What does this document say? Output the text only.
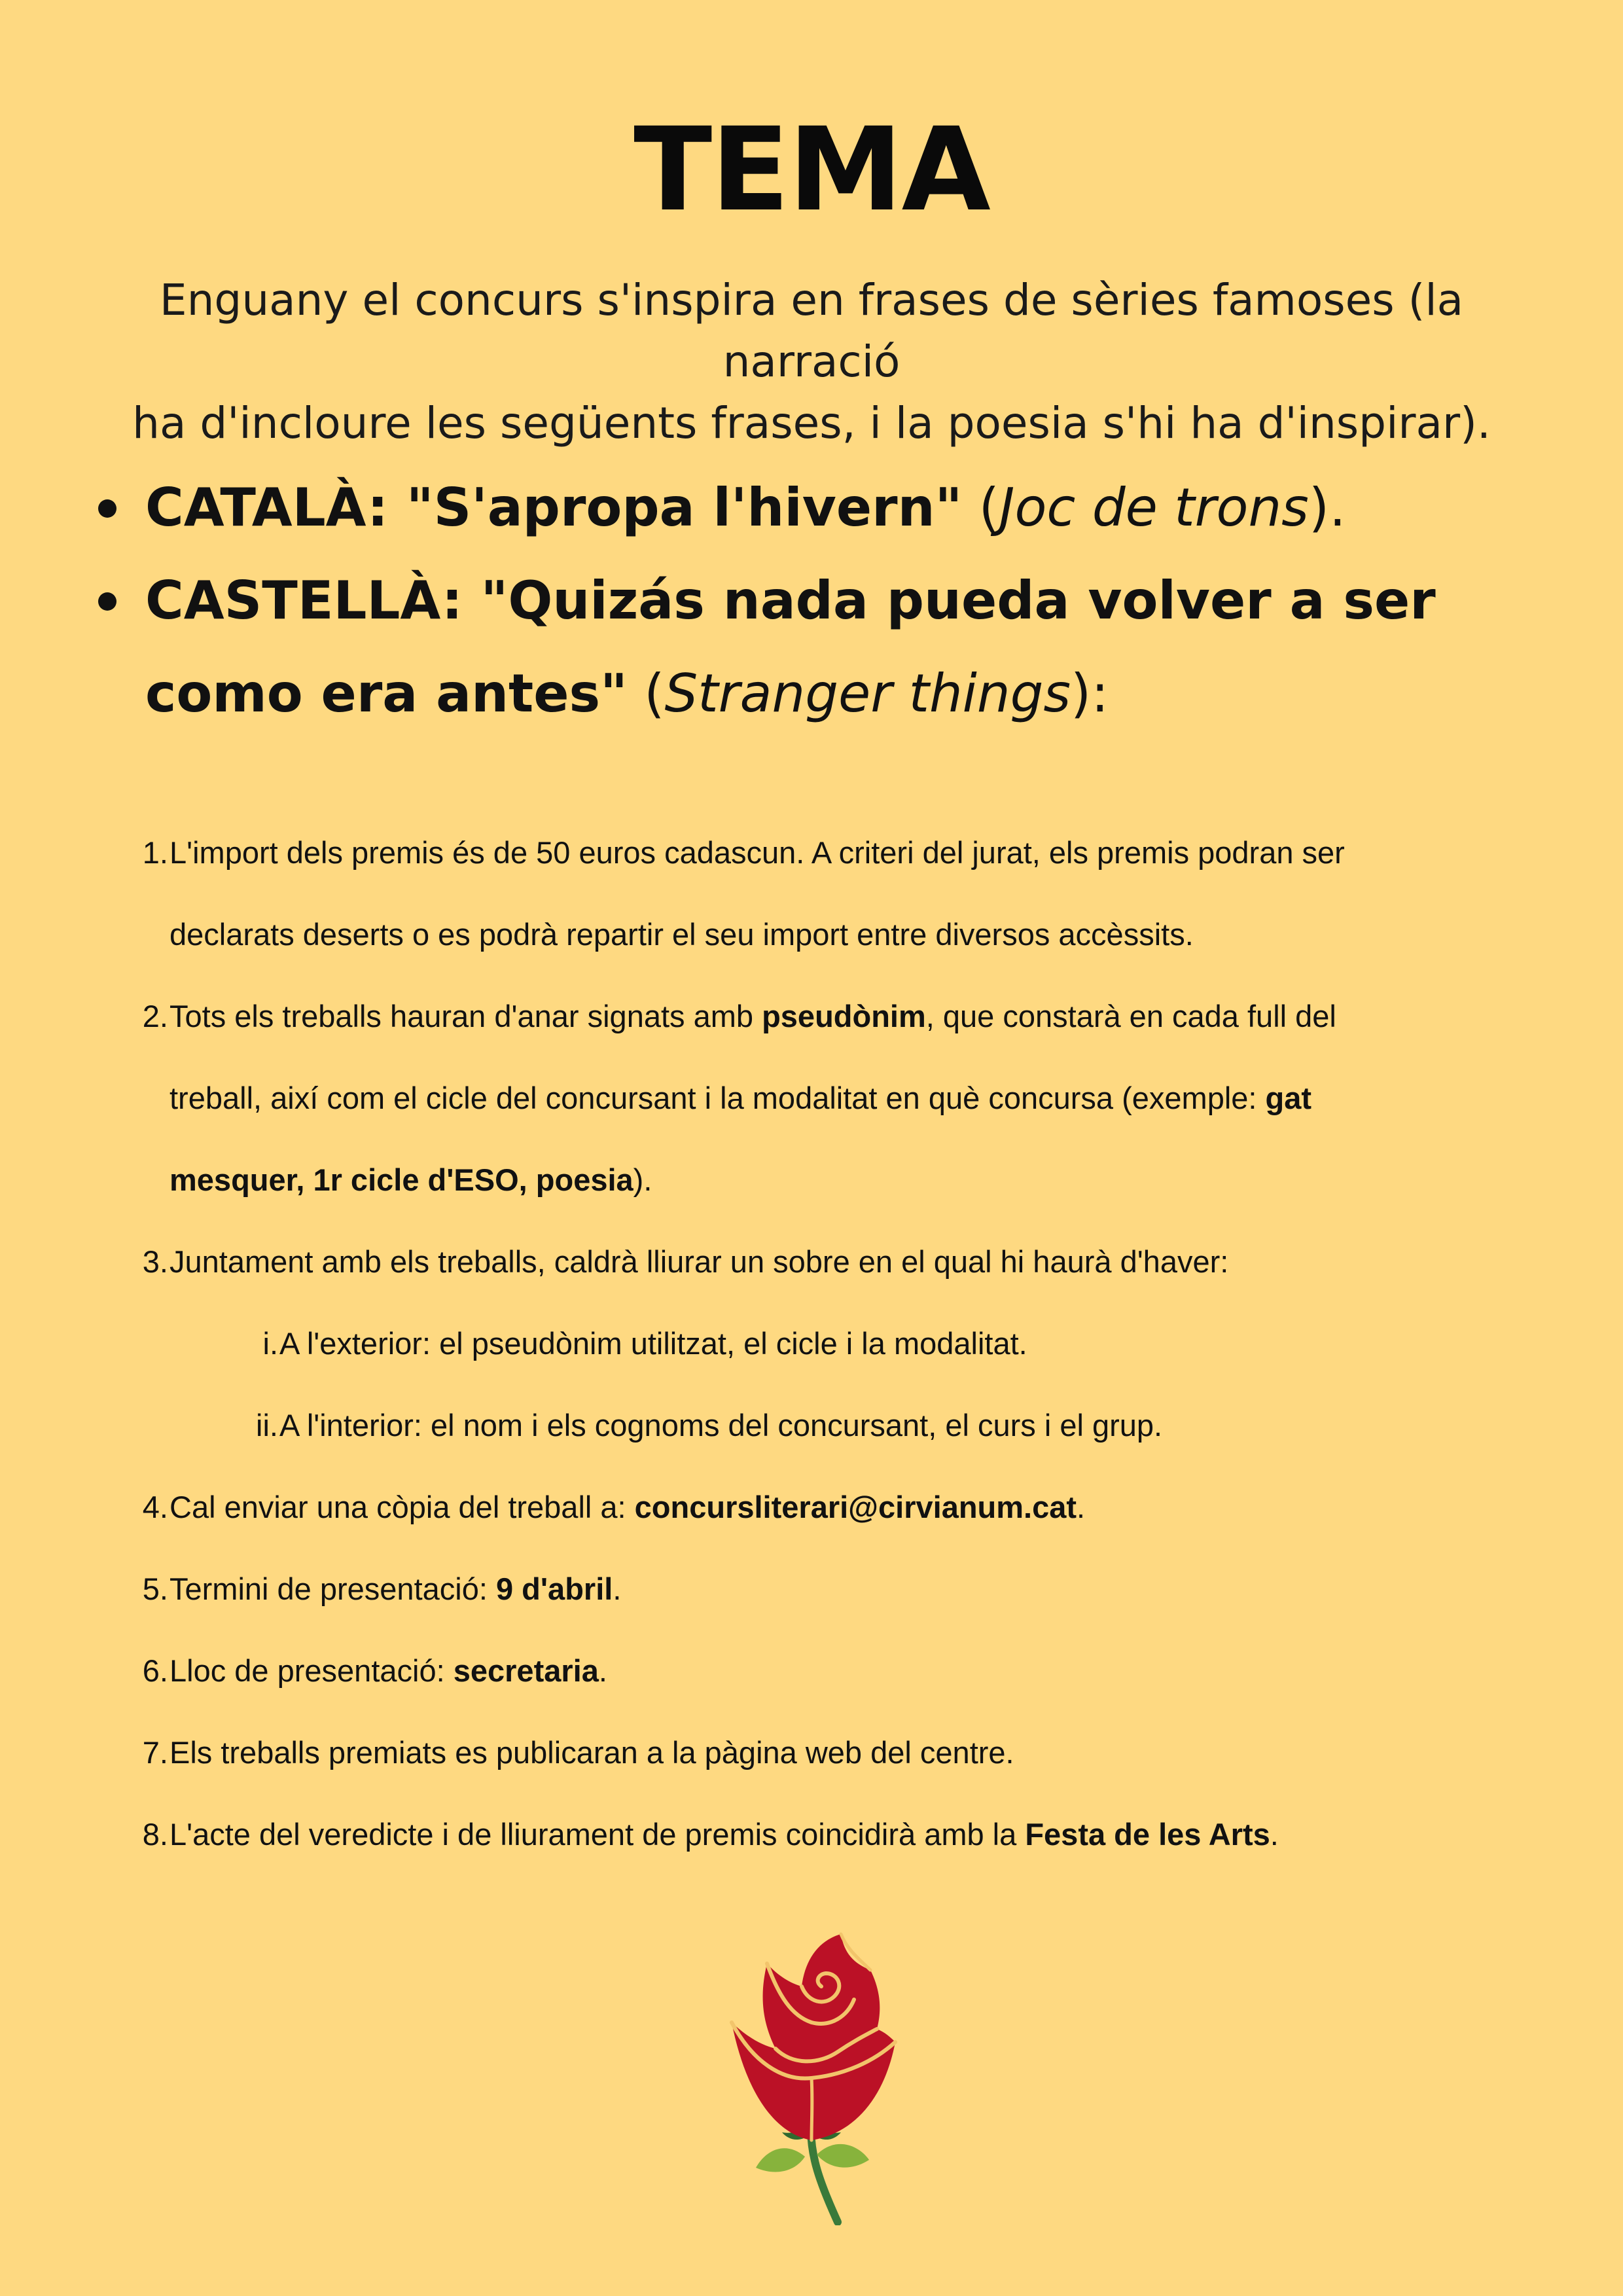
TEMA

Enguany el concurs s'inspira en frases de sèries famoses (la narració
ha d'incloure les següents frases, i la poesia s'hi ha d'inspirar).

CATALÀ: "S'apropa l'hivern" (Joc de trons).
CASTELLÀ: "Quizás nada pueda volver a ser como era antes" (Stranger things):
1. L'import dels premis és de 50 euros cadascun. A criteri del jurat, els premis podran ser
declarats deserts o es podrà repartir el seu import entre diversos accèssits.
2. Tots els treballs hauran d'anar signats amb pseudònim, que constarà en cada full del
treball, així com el cicle del concursant i la modalitat en què concursa (exemple: gat
mesquer, 1r cicle d'ESO, poesia).
3. Juntament amb els treballs, caldrà lliurar un sobre en el qual hi haurà d'haver:
i. A l'exterior: el pseudònim utilitzat, el cicle i la modalitat.
ii. A l'interior: el nom i els cognoms del concursant, el curs i el grup.
4. Cal enviar una còpia del treball a: concursliterari@cirvianum.cat.
5. Termini de presentació: 9 d'abril.
6. Lloc de presentació: secretaria.
7. Els treballs premiats es publicaran a la pàgina web del centre.
8. L'acte del veredicte i de lliurament de premis coincidirà amb la Festa de les Arts.
